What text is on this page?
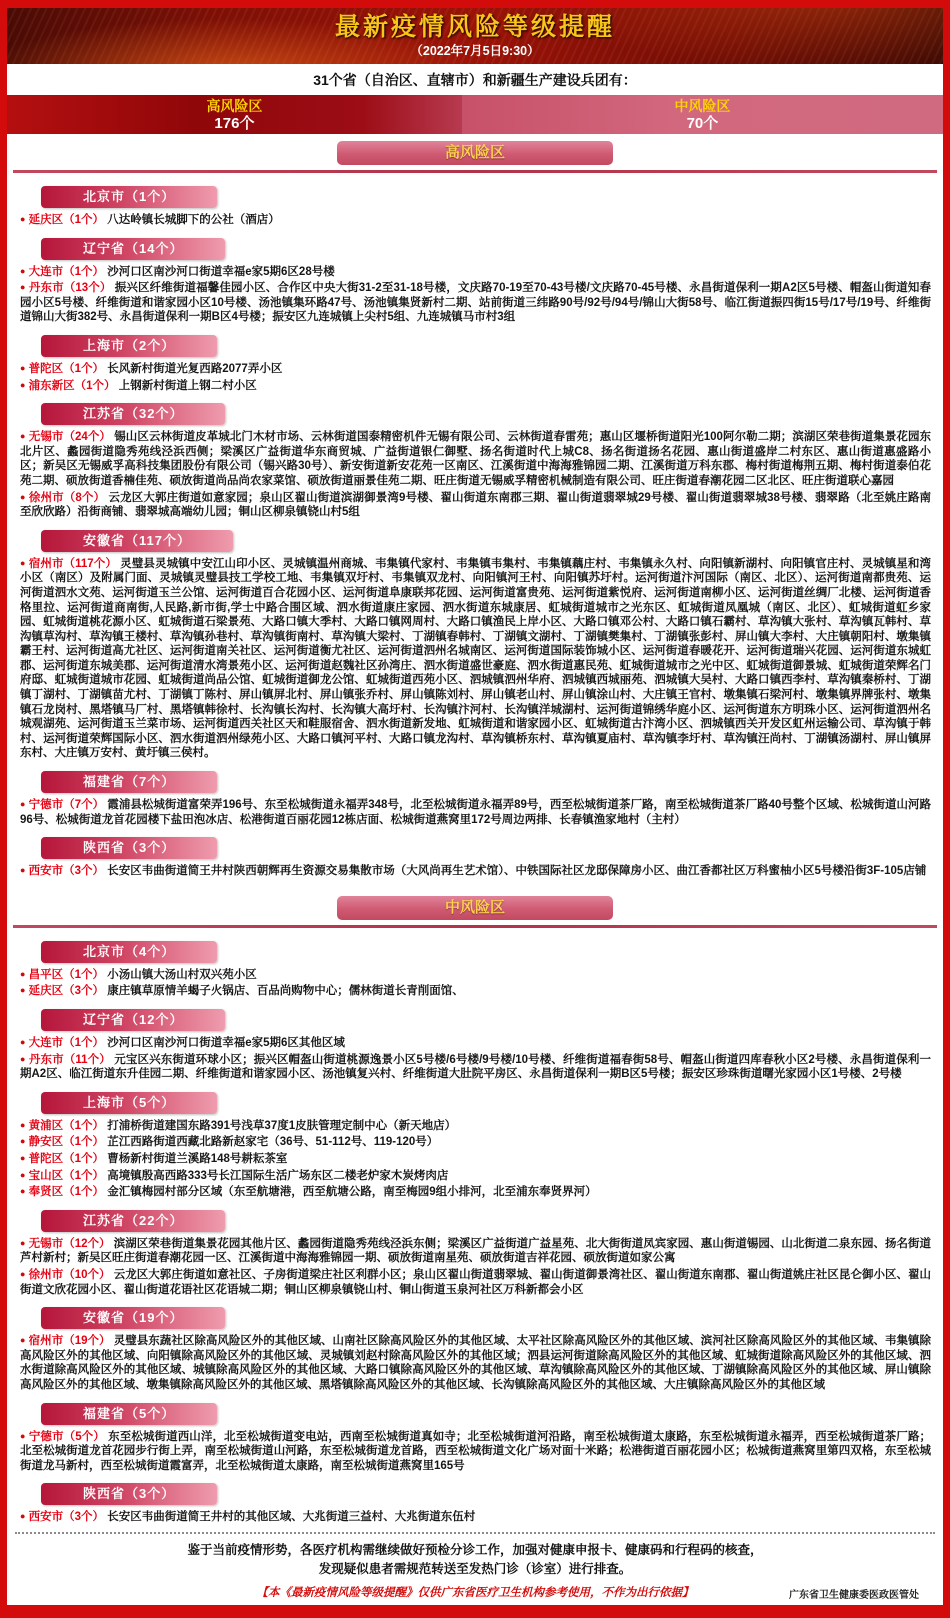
最新疫情风险等级提醒
（2022年7月5日9:30）
31个省（自治区、直辖市）和新疆生产建设兵团有：
高风险区
176个
中风险区
70个
高风险区
北京市（1个）

● 延庆区（1个） 八达岭镇长城脚下的公社（酒店）

辽宁省（14个）

● 大连市（1个） 沙河口区南沙河口街道幸福e家5期6区28号楼

● 丹东市（13个） 振兴区纤维街道福馨佳园小区、合作区中央大街31-2至31-18号楼，文庆路70-19至70-43号楼/文庆路70-45号楼、永昌街道保利一期A2区5号楼、帽盔山街道知春园小区5号楼、纤维街道和谐家园小区10号楼、汤池镇集环路47号、汤池镇集贤新村二期、站前街道三纬路90号/92号/94号/锦山大街58号、临江街道振四街15号/17号/19号、纤维街道锦山大街382号、永昌街道保利一期B区4号楼；振安区九连城镇上尖村5组、九连城镇马市村3组

上海市（2个）

● 普陀区（1个） 长风新村街道光复西路2077弄小区

● 浦东新区（1个） 上钢新村街道上钢二村小区

江苏省（32个）

● 无锡市（24个） 锡山区云林街道皮革城北门木材市场、云林街道国泰精密机件无锡有限公司、云林街道春雷苑；惠山区堰桥街道阳光100阿尔勒二期；滨湖区荣巷街道集景花园东北片区、蠡园街道隐秀苑线泾浜西侧；梁溪区广益街道华东商贸城、广益街道银仁御墅、扬名街道时代上城C8、扬名街道扬名花园、惠山街道盛岸二村东区、惠山街道惠盛路小区；新吴区无锡威孚高科技集团股份有限公司（锡兴路30号）、新安街道新安花苑一区南区、江溪街道中海海雅锦园二期、江溪街道万科东郡、梅村街道梅荆五期、梅村街道泰伯花苑二期、硕放街道香楠佳苑、硕放街道尚品尚农家菜馆、硕放街道丽景佳苑二期、旺庄街道无锡威孚精密机械制造有限公司、旺庄街道春潮花园二区北区、旺庄街道联心嘉园

● 徐州市（8个） 云龙区大郭庄街道如意家园；泉山区翟山街道滨湖御景湾9号楼、翟山街道东南郡三期、翟山街道翡翠城29号楼、翟山街道翡翠城38号楼、翡翠路（北至姚庄路南至欣欣路）沿街商铺、翡翠城高端幼儿园；铜山区柳泉镇铙山村5组

安徽省（117个）

● 宿州市（117个） 灵璧县灵城镇中安江山印小区、灵城镇温州商城、韦集镇代家村、韦集镇韦集村、韦集镇藕庄村、韦集镇永久村、向阳镇新湖村、向阳镇官庄村、灵城镇星和湾小区（南区）及附属门面、灵城镇灵璧县技工学校工地、韦集镇双圩村、韦集镇双龙村、向阳镇河王村、向阳镇苏圩村。运河街道汴河国际（南区、北区）、运河街道南都贵苑、运河街道泗水文苑、运河街道玉兰公馆、运河街道百合花园小区、运河街道阜康联邦花园、运河街道富贵苑、运河街道紫悦府、运河街道南柳小区、运河街道丝绸厂北楼、运河街道香格里拉、运河街道商南街,人民路,新市街,学士中路合围区域、泗水街道康庄家园、泗水街道东城康居、虹城街道城市之光东区、虹城街道凤凰城（南区、北区）、虹城街道虹乡家园、虹城街道桃花源小区、虹城街道石梁景苑、大路口镇大季村、大路口镇网周村、大路口镇渔民上岸小区、大路口镇邓公村、大路口镇石霸村、草沟镇大张村、草沟镇瓦韩村、草沟镇草沟村、草沟镇王楼村、草沟镇孙巷村、草沟镇街南村、草沟镇大梁村、丁湖镇春韩村、丁湖镇文湖村、丁湖镇樊集村、丁湖镇张彭村、屏山镇大李村、大庄镇朝阳村、墩集镇霸王村、运河街道高尤社区、运河街道南关社区、运河街道衡尤社区、运河街道泗州名城南区、运河街道国际装饰城小区、运河街道春暖花开、运河街道瑞兴花园、运河街道东城虹郡、运河街道东城美郡、运河街道清水湾景苑小区、运河街道赵魏社区孙湾庄、泗水街道盛世豪庭、泗水街道惠民苑、虹城街道城市之光中区、虹城街道御景城、虹城街道荣辉名门府邸、虹城街道城市花园、虹城街道尚品公馆、虹城街道御龙公馆、虹城街道西苑小区、泗城镇泗州华府、泗城镇西城丽苑、泗城镇大吴村、大路口镇西李村、草沟镇秦桥村、丁湖镇丁湖村、丁湖镇苗尤村、丁湖镇丁陈村、屏山镇屏北村、屏山镇张乔村、屏山镇陈刘村、屏山镇老山村、屏山镇涂山村、大庄镇王官村、墩集镇石梁河村、墩集镇界牌张村、墩集镇石龙岗村、黑塔镇马厂村、黑塔镇韩徐村、长沟镇长沟村、长沟镇大高圩村、长沟镇汴河村、长沟镇洋城湖村、运河街道锦绣华庭小区、运河街道东方明珠小区、运河街道泗州名城观湖苑、运河街道玉兰菜市场、运河街道西关社区天和鞋服宿舍、泗水街道新发地、虹城街道和谐家园小区、虹城街道古汴湾小区、泗城镇西关开发区虹州运输公司、草沟镇于韩村、运河街道荣辉国际小区、泗水街道泗州绿苑小区、大路口镇河平村、大路口镇龙沟村、草沟镇桥东村、草沟镇夏庙村、草沟镇李圩村、草沟镇汪尚村、丁湖镇汤湖村、屏山镇屏东村、大庄镇万安村、黄圩镇三侯村。

福建省（7个）

● 宁德市（7个） 霞浦县松城街道富荣弄196号、东至松城街道永福弄348号，北至松城街道永福弄89号，西至松城街道茶厂路，南至松城街道茶厂路40号整个区域、松城街道山河路96号、松城街道龙首花园楼下盐田泡冰店、松港街道百丽花园12栋店面、松城街道燕窝里172号周边两排、长春镇渔家地村（主村）

陕西省（3个）

● 西安市（3个） 长安区韦曲街道简王井村陕西朝辉再生资源交易集散市场（大风尚再生艺术馆）、中铁国际社区龙邸保障房小区、曲江香都社区万科蜜柚小区5号楼沿街3F-105店铺

中风险区
北京市（4个）

● 昌平区（1个） 小汤山镇大汤山村双兴苑小区

● 延庆区（3个） 康庄镇草原情羊蝎子火锅店、百品尚购物中心；儒林街道长青削面馆、

辽宁省（12个）

● 大连市（1个） 沙河口区南沙河口街道幸福e家5期6区其他区域

● 丹东市（11个） 元宝区兴东街道环球小区；振兴区帽盔山街道桃源逸景小区5号楼/6号楼/9号楼/10号楼、纤维街道福春街58号、帽盔山街道四库春秋小区2号楼、永昌街道保利一期A2区、临江街道东升佳园二期、纤维街道和谐家园小区、汤池镇复兴村、纤维街道大肚院平房区、永昌街道保利一期B区5号楼；振安区珍珠街道曙光家园小区1号楼、2号楼

上海市（5个）

● 黄浦区（1个） 打浦桥街道建国东路391号浅草37度1皮肤管理定制中心（新天地店）

● 静安区（1个） 芷江西路街道西藏北路新赵家宅（36号、51-112号、119-120号）

● 普陀区（1个） 曹杨新村街道兰溪路148号耕耘茶室

● 宝山区（1个） 高境镇殷高西路333号长江国际生活广场东区二楼老炉家木炭烤肉店

● 奉贤区（1个） 金汇镇梅园村部分区域（东至航塘港，西至航塘公路，南至梅园9组小排河，北至浦东奉贤界河）

江苏省（22个）

● 无锡市（12个） 滨湖区荣巷街道集景花园其他片区、蠡园街道隐秀苑线泾浜东侧；梁溪区广益街道广益星苑、北大街街道凤宾家园、惠山街道锡园、山北街道二泉东园、扬名街道芦村新村；新吴区旺庄街道春潮花园一区、江溪街道中海海雅锦园一期、硕放街道南星苑、硕放街道吉祥花园、硕放街道如家公寓

● 徐州市（10个） 云龙区大郭庄街道如意社区、子房街道梁庄社区利群小区；泉山区翟山街道翡翠城、翟山街道御景湾社区、翟山街道东南郡、翟山街道姚庄社区昆仑御小区、翟山街道文欣花园小区、翟山街道花语社区花语城二期；铜山区柳泉镇铙山村、铜山街道玉泉河社区万科新都会小区

安徽省（19个）

● 宿州市（19个） 灵璧县东蔬社区除高风险区外的其他区域、山南社区除高风险区外的其他区域、太平社区除高风险区外的其他区域、滨河社区除高风险区外的其他区域、韦集镇除高风险区外的其他区域、向阳镇除高风险区外的其他区域、灵城镇刘赵村除高风险区外的其他区域；泗县运河街道除高风险区外的其他区域、虹城街道除高风险区外的其他区域、泗水街道除高风险区外的其他区域、城镇除高风险区外的其他区域、大路口镇除高风险区外的其他区域、草沟镇除高风险区外的其他区域、丁湖镇除高风险区外的其他区域、屏山镇除高风险区外的其他区域、墩集镇除高风险区外的其他区域、黑塔镇除高风险区外的其他区域、长沟镇除高风险区外的其他区域、大庄镇除高风险区外的其他区域

福建省（5个）

● 宁德市（5个） 东至松城街道西山洋，北至松城街道变电站，西南至松城街道真如寺；北至松城街道河沿路，南至松城街道太康路，东至松城街道永福弄，西至松城街道茶厂路；北至松城街道龙首花园步行街上弄，南至松城街道山河路，东至松城街道龙首路，西至松城街道文化广场对面十米路；松港街道百丽花园小区；松城街道燕窝里第四双格，东至松城街道龙马新村，西至松城街道霞富弄，北至松城街道太康路，南至松城街道燕窝里165号

陕西省（3个）

● 西安市（3个） 长安区韦曲街道简王井村的其他区域、大兆街道三益村、大兆街道东伍村

鉴于当前疫情形势，各医疗机构需继续做好预检分诊工作，加强对健康申报卡、健康码和行程码的核查，
发现疑似患者需规范转送至发热门诊（诊室）进行排查。
【本《最新疫情风险等级提醒》仅供广东省医疗卫生机构参考使用，不作为出行依据】	广东省卫生健康委医政医管处
